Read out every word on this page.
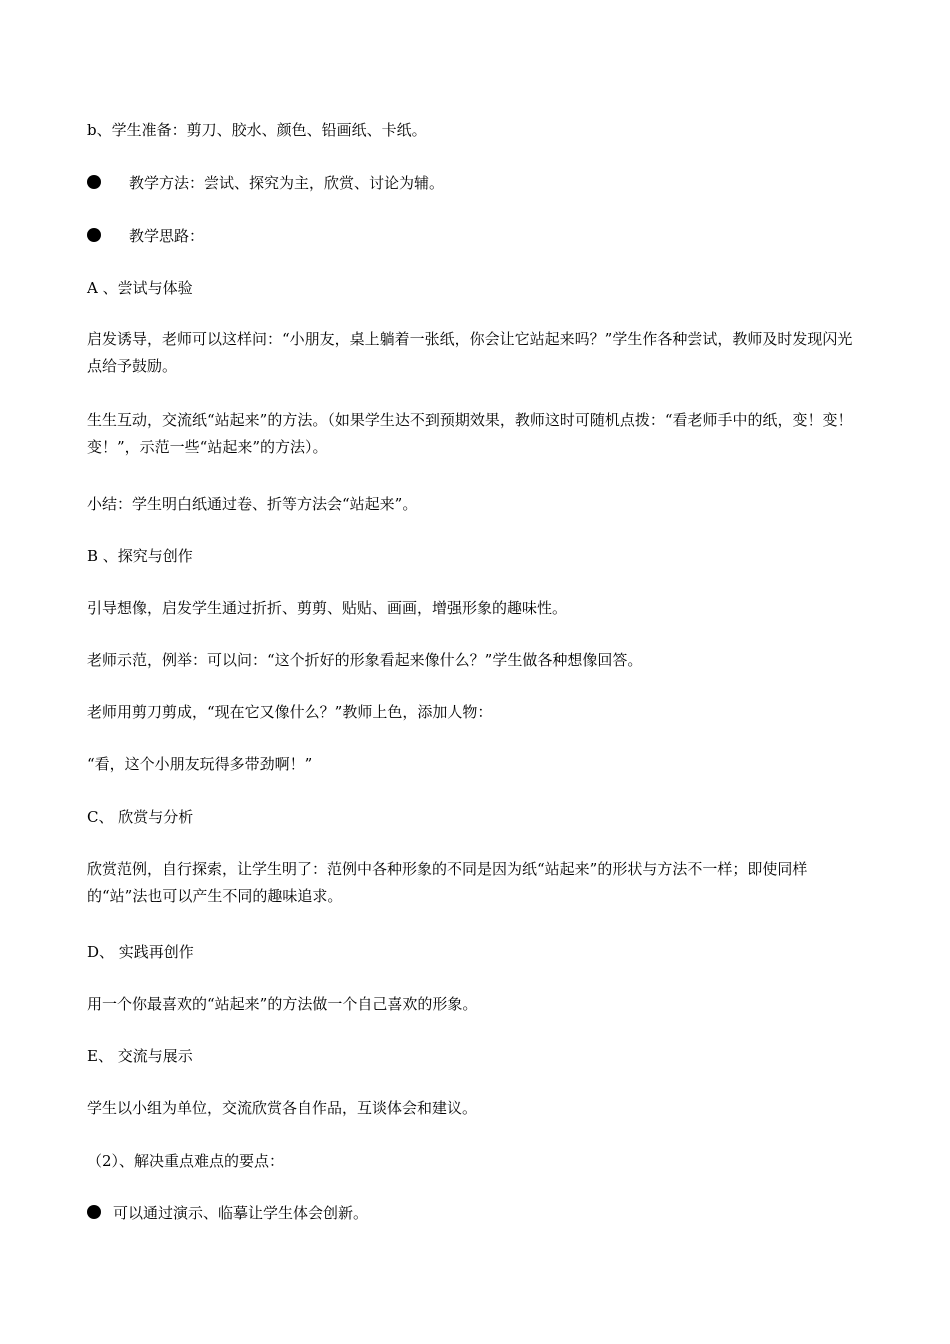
b、学生准备：剪刀、胶水、颜色、铅画纸、卡纸。
教学方法：尝试、探究为主，欣赏、讨论为辅。
教学思路：
A 、尝试与体验
启发诱导，老师可以这样问：“小朋友，桌上躺着一张纸，你会让它站起来吗？”学生作各种尝试，教师及时发现闪光点给予鼓励。
生生互动，交流纸“站起来”的方法。（如果学生达不到预期效果，教师这时可随机点拨：“看老师手中的纸，变！变！变！”，示范一些“站起来”的方法）。
小结：学生明白纸通过卷、折等方法会“站起来”。
B 、探究与创作
引导想像，启发学生通过折折、剪剪、贴贴、画画，增强形象的趣味性。
老师示范，例举：可以问：“这个折好的形象看起来像什么？”学生做各种想像回答。
老师用剪刀剪成，“现在它又像什么？”教师上色，添加人物：
“看，这个小朋友玩得多带劲啊！”
C、 欣赏与分析
欣赏范例，自行探索，让学生明了：范例中各种形象的不同是因为纸“站起来”的形状与方法不一样；即使同样的“站”法也可以产生不同的趣味追求。
D、 实践再创作
用一个你最喜欢的“站起来”的方法做一个自己喜欢的形象。
E、 交流与展示
学生以小组为单位，交流欣赏各自作品，互谈体会和建议。
（2）、解决重点难点的要点：
可以通过演示、临摹让学生体会创新。
